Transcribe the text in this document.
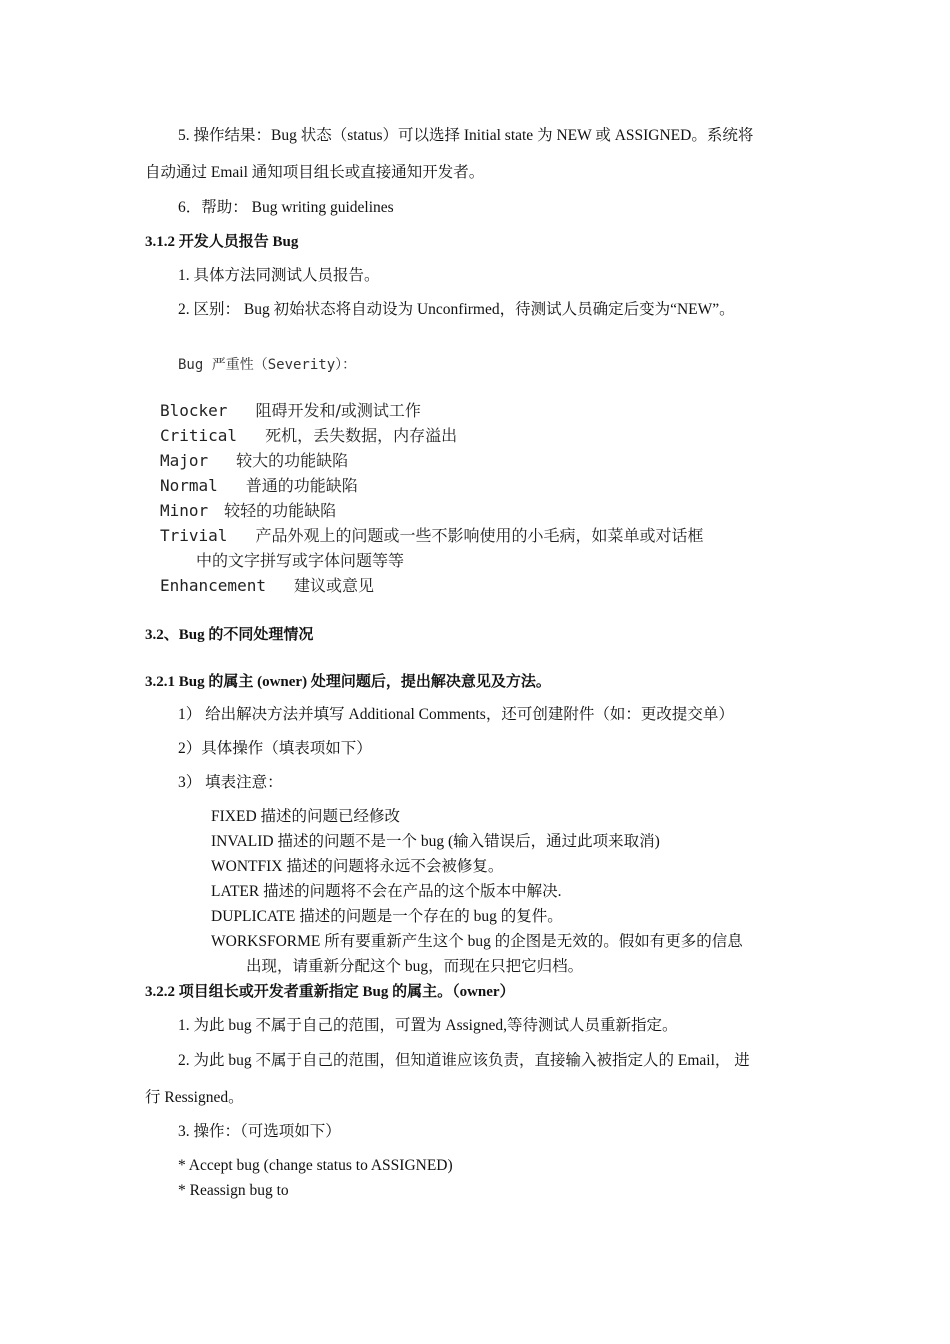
5. 操作结果：Bug 状态（status）可以选择 Initial state 为 NEW 或 ASSIGNED。系统将
自动通过 Email 通知项目组长或直接通知开发者。
6．帮助： Bug writing guidelines
3.1.2 开发人员报告 Bug
1. 具体方法同测试人员报告。
2. 区别： Bug 初始状态将自动设为 Unconfirmed，待测试人员确定后变为“NEW”。
Bug 严重性（Severity）：
Blocker 阻碍开发和/或测试工作
Critical 死机，丢失数据，内存溢出
Major 较大的功能缺陷
Normal 普通的功能缺陷
Minor 较轻的功能缺陷
Trivial 产品外观上的问题或一些不影响使用的小毛病，如菜单或对话框
中的文字拼写或字体问题等等
Enhancement 建议或意见
3.2、Bug 的不同处理情况
3.2.1 Bug 的属主 (owner) 处理问题后，提出解决意见及方法。
1） 给出解决方法并填写 Additional Comments，还可创建附件（如：更改提交单）
2）具体操作（填表项如下）
3） 填表注意：
FIXED 描述的问题已经修改
INVALID 描述的问题不是一个 bug (输入错误后，通过此项来取消)
WONTFIX 描述的问题将永远不会被修复。
LATER 描述的问题将不会在产品的这个版本中解决.
DUPLICATE 描述的问题是一个存在的 bug 的复件。
WORKSFORME 所有要重新产生这个 bug 的企图是无效的。假如有更多的信息
出现，请重新分配这个 bug，而现在只把它归档。
3.2.2 项目组长或开发者重新指定 Bug 的属主。（owner）
1. 为此 bug 不属于自己的范围，可置为 Assigned,等待测试人员重新指定。
2. 为此 bug 不属于自己的范围，但知道谁应该负责，直接输入被指定人的 Email， 进
行 Ressigned。
3. 操作：（可选项如下）
* Accept bug (change status to ASSIGNED)
* Reassign bug to
